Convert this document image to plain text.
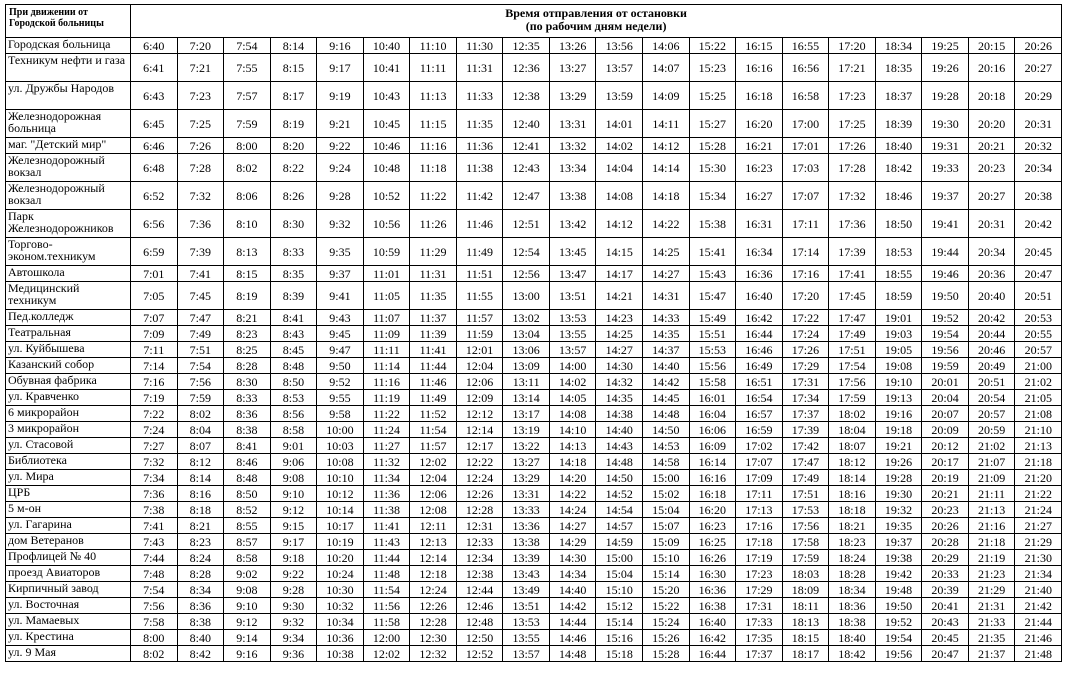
При движении от Городской больницы	Время отправления от остановки
(по рабочим дням недели)																			

Городская больница	6:40	7:20	7:54	8:14	9:16	10:40	11:10	11:30	12:35	13:26	13:56	14:06	15:22	16:15	16:55	17:20	18:34	19:25	20:15	20:26
Техникум нефти и газа	6:41	7:21	7:55	8:15	9:17	10:41	11:11	11:31	12:36	13:27	13:57	14:07	15:23	16:16	16:56	17:21	18:35	19:26	20:16	20:27
ул. Дружбы Народов	6:43	7:23	7:57	8:17	9:19	10:43	11:13	11:33	12:38	13:29	13:59	14:09	15:25	16:18	16:58	17:23	18:37	19:28	20:18	20:29
Железнодорожная больница	6:45	7:25	7:59	8:19	9:21	10:45	11:15	11:35	12:40	13:31	14:01	14:11	15:27	16:20	17:00	17:25	18:39	19:30	20:20	20:31
маг. "Детский мир"	6:46	7:26	8:00	8:20	9:22	10:46	11:16	11:36	12:41	13:32	14:02	14:12	15:28	16:21	17:01	17:26	18:40	19:31	20:21	20:32
Железнодорожный вокзал	6:48	7:28	8:02	8:22	9:24	10:48	11:18	11:38	12:43	13:34	14:04	14:14	15:30	16:23	17:03	17:28	18:42	19:33	20:23	20:34
Железнодорожный вокзал	6:52	7:32	8:06	8:26	9:28	10:52	11:22	11:42	12:47	13:38	14:08	14:18	15:34	16:27	17:07	17:32	18:46	19:37	20:27	20:38
Парк Железнодорожников	6:56	7:36	8:10	8:30	9:32	10:56	11:26	11:46	12:51	13:42	14:12	14:22	15:38	16:31	17:11	17:36	18:50	19:41	20:31	20:42
Торгово-эконом.техникум	6:59	7:39	8:13	8:33	9:35	10:59	11:29	11:49	12:54	13:45	14:15	14:25	15:41	16:34	17:14	17:39	18:53	19:44	20:34	20:45
Автошкола	7:01	7:41	8:15	8:35	9:37	11:01	11:31	11:51	12:56	13:47	14:17	14:27	15:43	16:36	17:16	17:41	18:55	19:46	20:36	20:47
Медицинский техникум	7:05	7:45	8:19	8:39	9:41	11:05	11:35	11:55	13:00	13:51	14:21	14:31	15:47	16:40	17:20	17:45	18:59	19:50	20:40	20:51
Пед.колледж	7:07	7:47	8:21	8:41	9:43	11:07	11:37	11:57	13:02	13:53	14:23	14:33	15:49	16:42	17:22	17:47	19:01	19:52	20:42	20:53
Театральная	7:09	7:49	8:23	8:43	9:45	11:09	11:39	11:59	13:04	13:55	14:25	14:35	15:51	16:44	17:24	17:49	19:03	19:54	20:44	20:55
ул. Куйбышева	7:11	7:51	8:25	8:45	9:47	11:11	11:41	12:01	13:06	13:57	14:27	14:37	15:53	16:46	17:26	17:51	19:05	19:56	20:46	20:57
Казанский собор	7:14	7:54	8:28	8:48	9:50	11:14	11:44	12:04	13:09	14:00	14:30	14:40	15:56	16:49	17:29	17:54	19:08	19:59	20:49	21:00
Обувная фабрика	7:16	7:56	8:30	8:50	9:52	11:16	11:46	12:06	13:11	14:02	14:32	14:42	15:58	16:51	17:31	17:56	19:10	20:01	20:51	21:02
ул. Кравченко	7:19	7:59	8:33	8:53	9:55	11:19	11:49	12:09	13:14	14:05	14:35	14:45	16:01	16:54	17:34	17:59	19:13	20:04	20:54	21:05
6 микрорайон	7:22	8:02	8:36	8:56	9:58	11:22	11:52	12:12	13:17	14:08	14:38	14:48	16:04	16:57	17:37	18:02	19:16	20:07	20:57	21:08
3 микрорайон	7:24	8:04	8:38	8:58	10:00	11:24	11:54	12:14	13:19	14:10	14:40	14:50	16:06	16:59	17:39	18:04	19:18	20:09	20:59	21:10
ул. Стасовой	7:27	8:07	8:41	9:01	10:03	11:27	11:57	12:17	13:22	14:13	14:43	14:53	16:09	17:02	17:42	18:07	19:21	20:12	21:02	21:13
Библиотека	7:32	8:12	8:46	9:06	10:08	11:32	12:02	12:22	13:27	14:18	14:48	14:58	16:14	17:07	17:47	18:12	19:26	20:17	21:07	21:18
ул. Мира	7:34	8:14	8:48	9:08	10:10	11:34	12:04	12:24	13:29	14:20	14:50	15:00	16:16	17:09	17:49	18:14	19:28	20:19	21:09	21:20
ЦРБ	7:36	8:16	8:50	9:10	10:12	11:36	12:06	12:26	13:31	14:22	14:52	15:02	16:18	17:11	17:51	18:16	19:30	20:21	21:11	21:22
5 м-он	7:38	8:18	8:52	9:12	10:14	11:38	12:08	12:28	13:33	14:24	14:54	15:04	16:20	17:13	17:53	18:18	19:32	20:23	21:13	21:24
ул. Гагарина	7:41	8:21	8:55	9:15	10:17	11:41	12:11	12:31	13:36	14:27	14:57	15:07	16:23	17:16	17:56	18:21	19:35	20:26	21:16	21:27
дом Ветеранов	7:43	8:23	8:57	9:17	10:19	11:43	12:13	12:33	13:38	14:29	14:59	15:09	16:25	17:18	17:58	18:23	19:37	20:28	21:18	21:29
Профлицей № 40	7:44	8:24	8:58	9:18	10:20	11:44	12:14	12:34	13:39	14:30	15:00	15:10	16:26	17:19	17:59	18:24	19:38	20:29	21:19	21:30
проезд Авиаторов	7:48	8:28	9:02	9:22	10:24	11:48	12:18	12:38	13:43	14:34	15:04	15:14	16:30	17:23	18:03	18:28	19:42	20:33	21:23	21:34
Кирпичный завод	7:54	8:34	9:08	9:28	10:30	11:54	12:24	12:44	13:49	14:40	15:10	15:20	16:36	17:29	18:09	18:34	19:48	20:39	21:29	21:40
ул. Восточная	7:56	8:36	9:10	9:30	10:32	11:56	12:26	12:46	13:51	14:42	15:12	15:22	16:38	17:31	18:11	18:36	19:50	20:41	21:31	21:42
ул. Мамаевых	7:58	8:38	9:12	9:32	10:34	11:58	12:28	12:48	13:53	14:44	15:14	15:24	16:40	17:33	18:13	18:38	19:52	20:43	21:33	21:44
ул. Крестина	8:00	8:40	9:14	9:34	10:36	12:00	12:30	12:50	13:55	14:46	15:16	15:26	16:42	17:35	18:15	18:40	19:54	20:45	21:35	21:46
ул. 9 Мая	8:02	8:42	9:16	9:36	10:38	12:02	12:32	12:52	13:57	14:48	15:18	15:28	16:44	17:37	18:17	18:42	19:56	20:47	21:37	21:48
